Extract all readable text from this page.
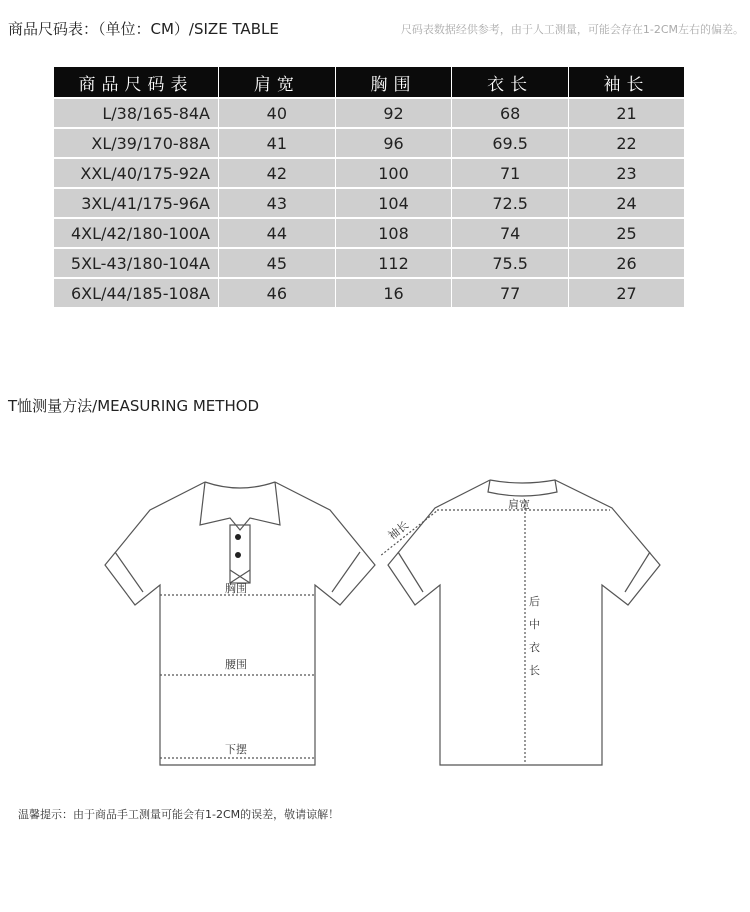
商品尺码表：（单位：CM）/SIZE TABLE	尺码表数据经供参考，由于人工测量，可能会存在1-2CM左右的偏差。
商品尺码表	肩宽	胸围	衣长	袖长
L/38/165-84A	40	92	68	21
XL/39/170-88A	41	96	69.5	22
XXL/40/175-92A	42	100	71	23
3XL/41/175-96A	43	104	72.5	24
4XL/42/180-100A	44	108	74	25
5XL-43/180-104A	45	112	75.5	26
6XL/44/185-108A	46	16	77	27
T恤测量方法/MEASURING METHOD
胸围
腰围
下摆
肩宽
袖长
后
中
衣
长
温馨提示：由于商品手工测量可能会有1-2CM的误差，敬请谅解！
